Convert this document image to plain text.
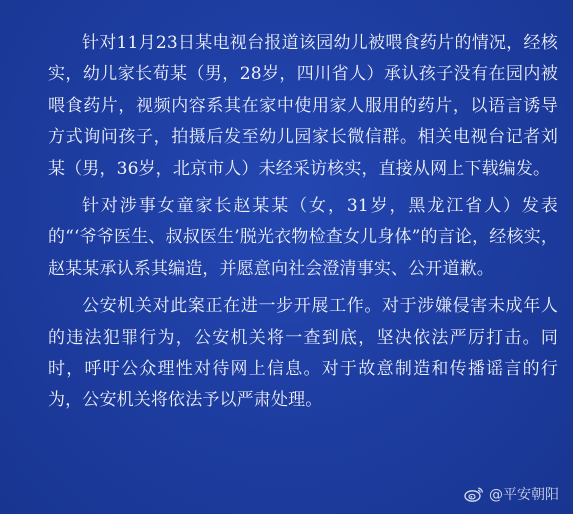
针对11月23日某电视台报道该园幼儿被喂食药片的情况，经核实，幼儿家长荀某（男，28岁，四川省人）承认孩子没有在园内被喂食药片，视频内容系其在家中使用家人服用的药片，以语言诱导方式询问孩子，拍摄后发至幼儿园家长微信群。相关电视台记者刘某（男，36岁，北京市人）未经采访核实，直接从网上下载编发。

针对涉事女童家长赵某某（女，31岁，黑龙江省人）发表的“‘爷爷医生、叔叔医生’脱光衣物检查女儿身体”的言论，经核实，赵某某承认系其编造，并愿意向社会澄清事实、公开道歉。

公安机关对此案正在进一步开展工作。对于涉嫌侵害未成年人的违法犯罪行为，公安机关将一查到底，坚决依法严厉打击。同时，呼吁公众理性对待网上信息。对于故意制造和传播谣言的行为，公安机关将依法予以严肃处理。

@平安朝阳
